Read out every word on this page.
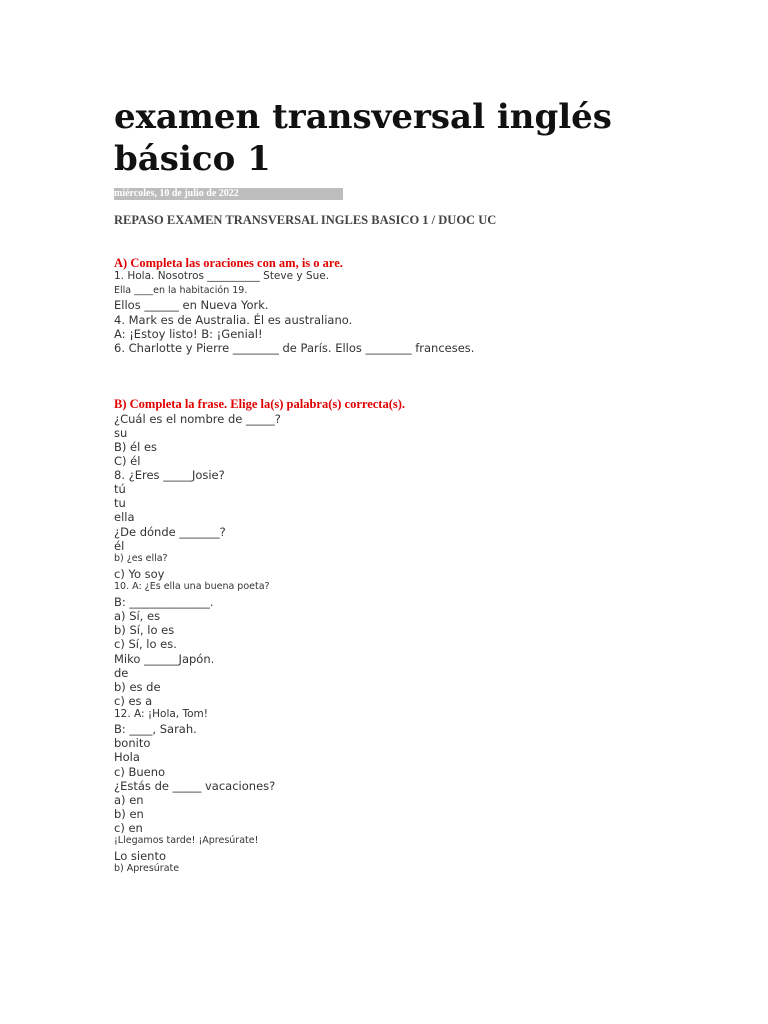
examen transversal inglés
básico 1
miércoles, 10 de julio de 2022
REPASO EXAMEN TRANSVERSAL INGLES BASICO 1 / DUOC UC
A) Completa las oraciones con am, is o are.
1. Hola. Nosotros __________ Steve y Sue.
Ella ____en la habitación 19.
Ellos ______ en Nueva York.
4. Mark es de Australia. Él es australiano.
A: ¡Estoy listo! B: ¡Genial!
6. Charlotte y Pierre ________ de París. Ellos ________ franceses.
B) Completa la frase. Elige la(s) palabra(s) correcta(s).
¿Cuál es el nombre de _____?
su
B) él es
C) él
8. ¿Eres _____Josie?
tú
tu
ella
¿De dónde _______?
él
b) ¿es ella?
c) Yo soy
10. A: ¿Es ella una buena poeta?
B: ______________.
a) Sí, es
b) Sí, lo es
c) Sí, lo es.
Miko ______Japón.
de
b) es de
c) es a
12. A: ¡Hola, Tom!
B: ____, Sarah.
bonito
Hola
c) Bueno
¿Estás de _____ vacaciones?
a) en
b) en
c) en
¡Llegamos tarde! ¡Apresúrate!
Lo siento
b) Apresúrate
